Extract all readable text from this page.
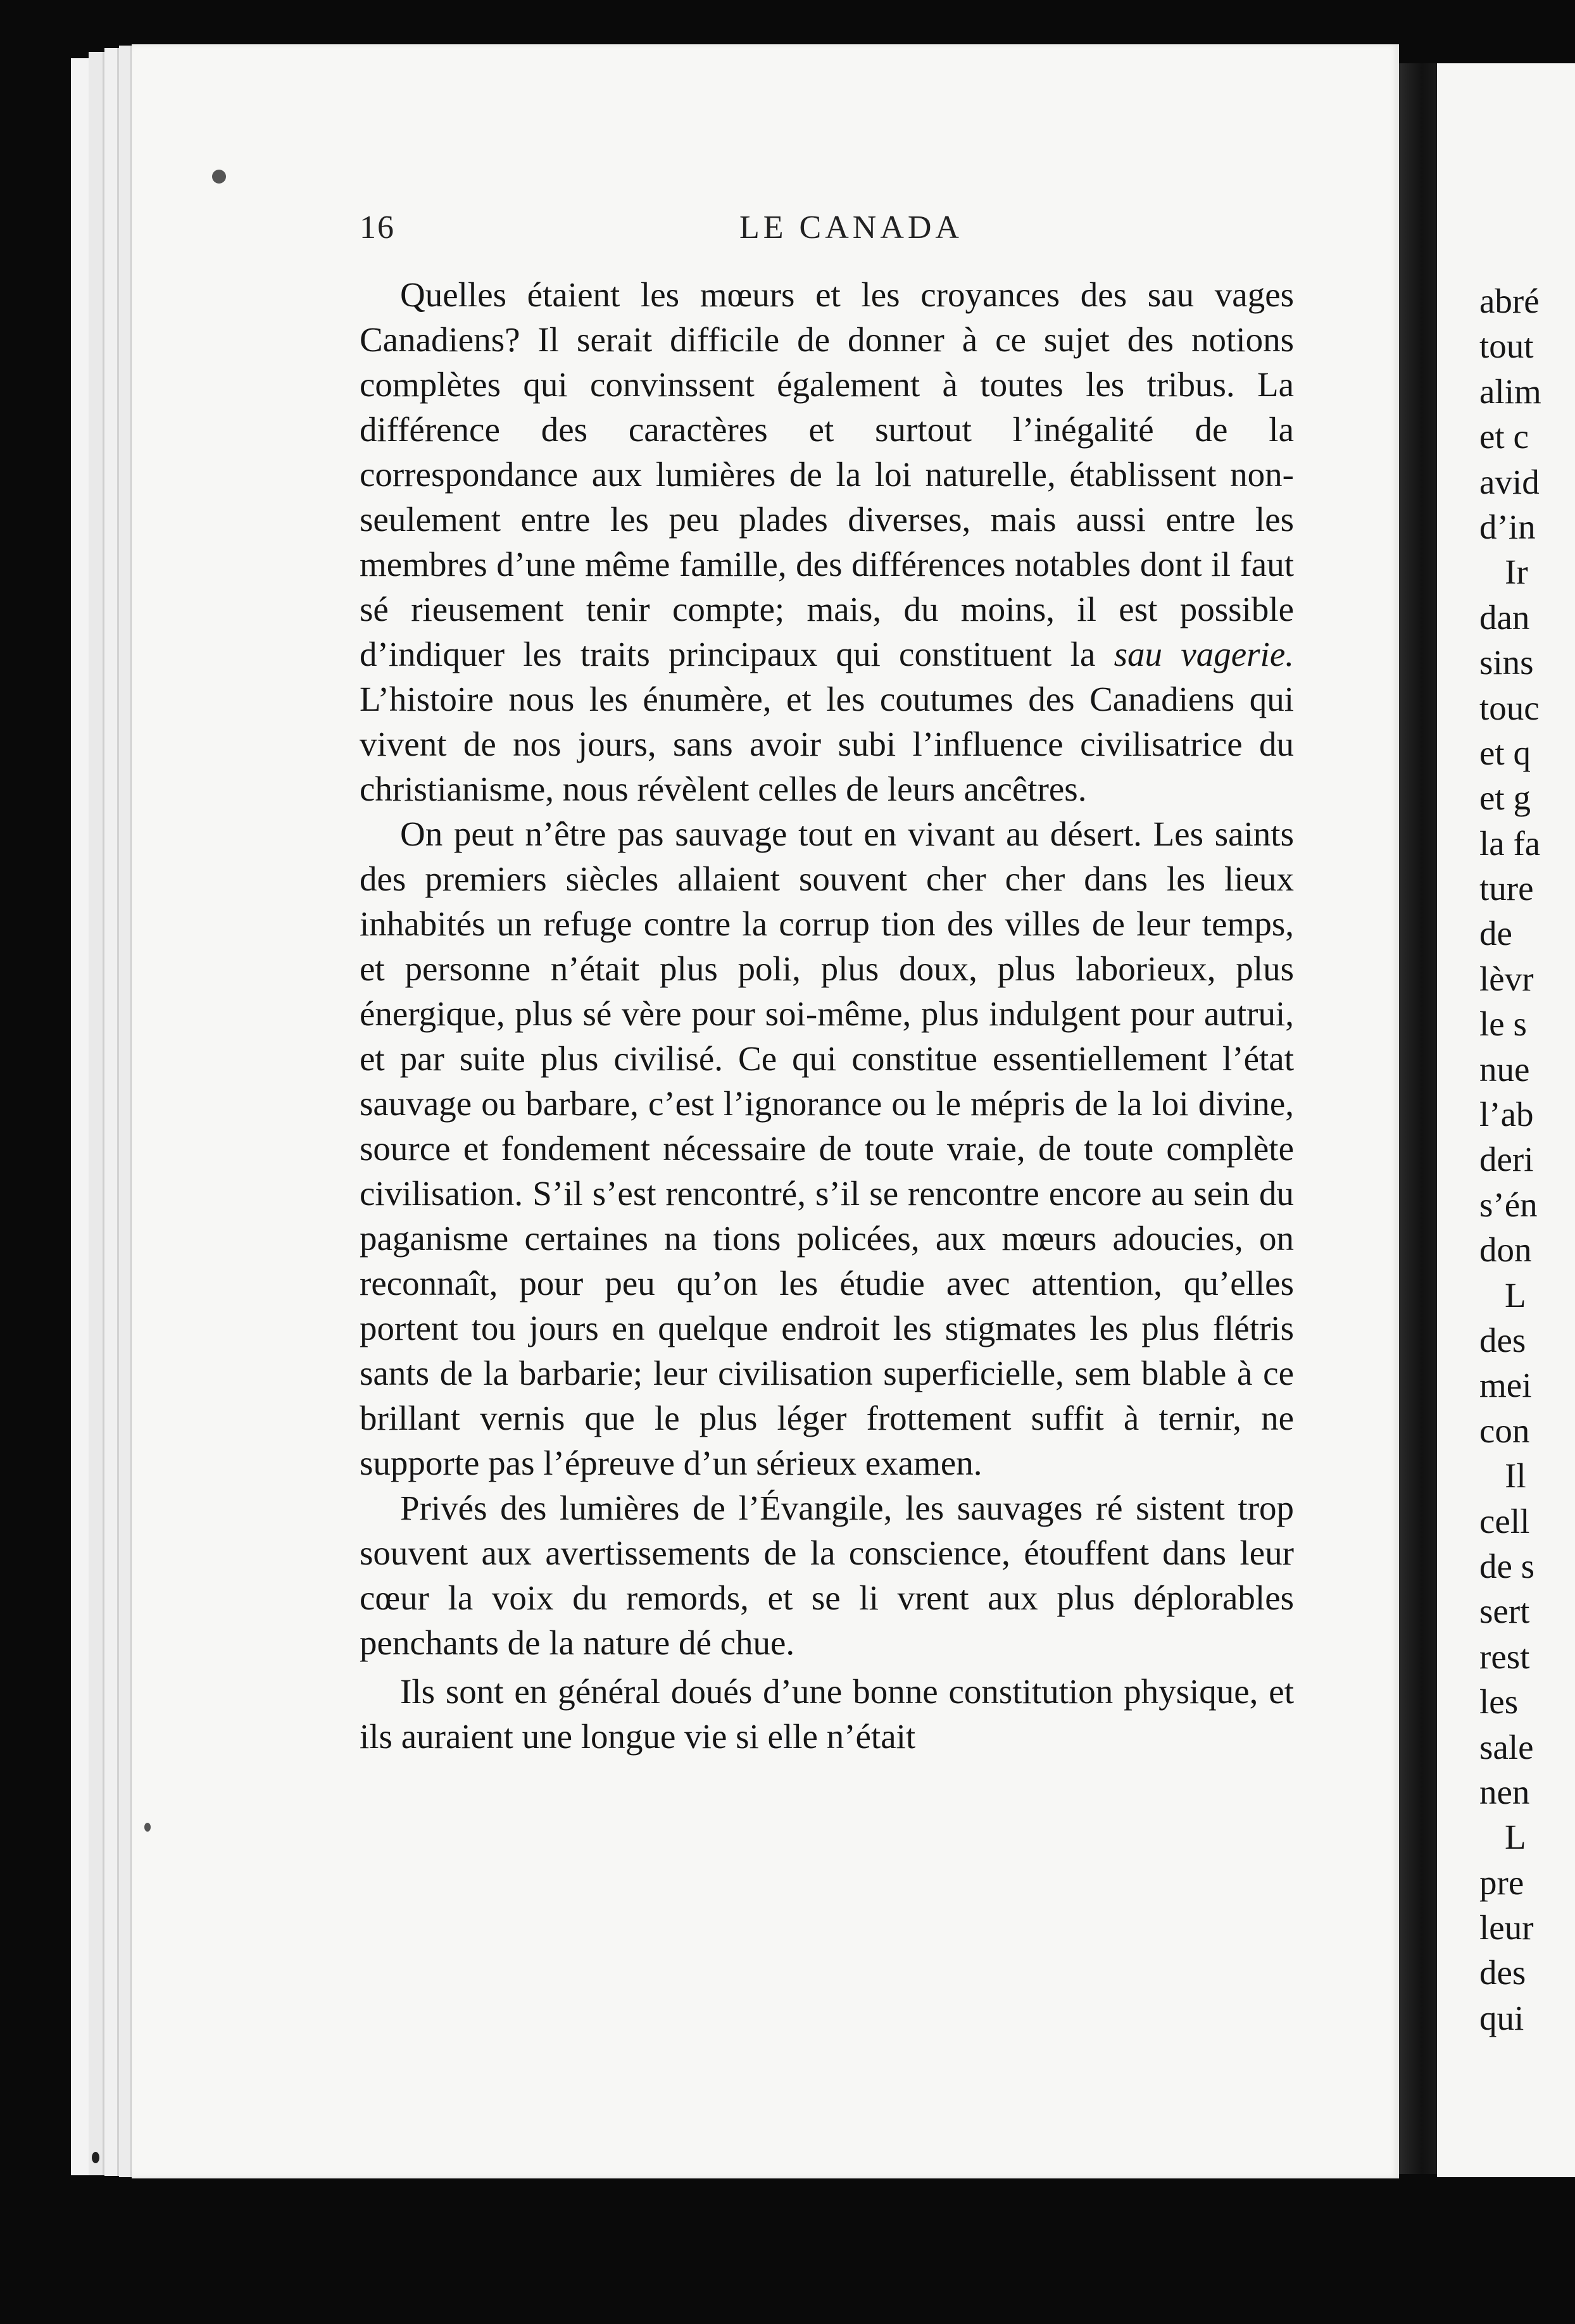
16	LE CANADA

Quelles étaient les mœurs et les croyances des sau vages Canadiens? Il serait difficile de donner à ce sujet des notions complètes qui convinssent également à toutes les tribus. La différence des caractères et surtout l’inégalité de la correspondance aux lumières de la loi naturelle, établissent non-seulement entre les peu plades diverses, mais aussi entre les membres d’une même famille, des différences notables dont il faut sé rieusement tenir compte; mais, du moins, il est possible d’indiquer les traits principaux qui constituent la sau vagerie. L’histoire nous les énumère, et les coutumes des Canadiens qui vivent de nos jours, sans avoir subi l’influence civilisatrice du christianisme, nous révèlent celles de leurs ancêtres.

On peut n’être pas sauvage tout en vivant au désert. Les saints des premiers siècles allaient souvent cher cher dans les lieux inhabités un refuge contre la corrup tion des villes de leur temps, et personne n’était plus poli, plus doux, plus laborieux, plus énergique, plus sé vère pour soi-même, plus indulgent pour autrui, et par suite plus civilisé. Ce qui constitue essentiellement l’état sauvage ou barbare, c’est l’ignorance ou le mépris de la loi divine, source et fondement nécessaire de toute vraie, de toute complète civilisation. S’il s’est rencontré, s’il se rencontre encore au sein du paganisme certaines na tions policées, aux mœurs adoucies, on reconnaît, pour peu qu’on les étudie avec attention, qu’elles portent tou jours en quelque endroit les stigmates les plus flétris sants de la barbarie; leur civilisation superficielle, sem blable à ce brillant vernis que le plus léger frottement suffit à ternir, ne supporte pas l’épreuve d’un sérieux examen.

Privés des lumières de l’Évangile, les sauvages ré sistent trop souvent aux avertissements de la conscience, étouffent dans leur cœur la voix du remords, et se li vrent aux plus déplorables penchants de la nature dé chue.

Ils sont en général doués d’une bonne constitution physique, et ils auraient une longue vie si elle n’était

abré
tout
alim
et c
avid
d’in
Ir
dan
sins
touc
et q
et g
la fa
ture
de
lèvr
le s
nue
l’ab
deri
s’én
don
L
des
mei
con
Il
cell
de s
sert
rest
les
sale
nen
L
pre
leur
des
qui
